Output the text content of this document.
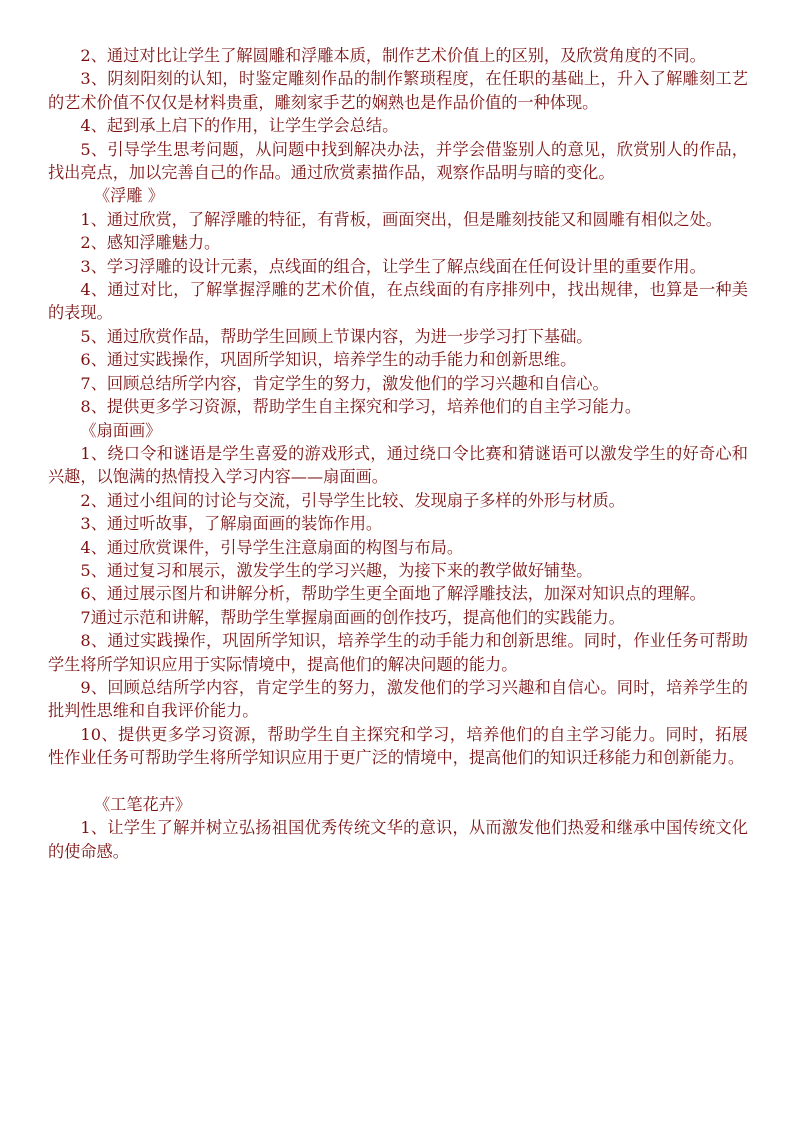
2、通过对比让学生了解圆雕和浮雕本质，制作艺术价值上的区别，及欣赏角度的不同。

3、阴刻阳刻的认知，时鉴定雕刻作品的制作繁琐程度，在任职的基础上，升入了解雕刻工艺的艺术价值不仅仅是材料贵重，雕刻家手艺的娴熟也是作品价值的一种体现。

4、起到承上启下的作用，让学生学会总结。

5、引导学生思考问题，从问题中找到解决办法，并学会借鉴别人的意见，欣赏别人的作品，找出亮点，加以完善自己的作品。通过欣赏素描作品，观察作品明与暗的变化。

《浮雕 》

1、通过欣赏，了解浮雕的特征，有背板，画面突出，但是雕刻技能又和圆雕有相似之处。

2、感知浮雕魅力。

3、学习浮雕的设计元素，点线面的组合，让学生了解点线面在任何设计里的重要作用。

4、通过对比，了解掌握浮雕的艺术价值，在点线面的有序排列中，找出规律，也算是一种美的表现。

5、通过欣赏作品，帮助学生回顾上节课内容，为进一步学习打下基础。

6、通过实践操作，巩固所学知识，培养学生的动手能力和创新思维。

7、回顾总结所学内容，肯定学生的努力，激发他们的学习兴趣和自信心。

8、提供更多学习资源，帮助学生自主探究和学习，培养他们的自主学习能力。

《扇面画》

1、绕口令和谜语是学生喜爱的游戏形式，通过绕口令比赛和猜谜语可以激发学生的好奇心和兴趣，以饱满的热情投入学习内容——扇面画。

2、通过小组间的讨论与交流，引导学生比较、发现扇子多样的外形与材质。

3、通过听故事，了解扇面画的装饰作用。

4、通过欣赏课件，引导学生注意扇面的构图与布局。

5、通过复习和展示，激发学生的学习兴趣，为接下来的教学做好铺垫。

6、通过展示图片和讲解分析，帮助学生更全面地了解浮雕技法，加深对知识点的理解。

7通过示范和讲解，帮助学生掌握扇面画的创作技巧，提高他们的实践能力。

8、通过实践操作，巩固所学知识，培养学生的动手能力和创新思维。同时，作业任务可帮助学生将所学知识应用于实际情境中，提高他们的解决问题的能力。

9、回顾总结所学内容，肯定学生的努力，激发他们的学习兴趣和自信心。同时，培养学生的批判性思维和自我评价能力。

10、提供更多学习资源，帮助学生自主探究和学习，培养他们的自主学习能力。同时，拓展性作业任务可帮助学生将所学知识应用于更广泛的情境中，提高他们的知识迁移能力和创新能力。

《工笔花卉》

1、让学生了解并树立弘扬祖国优秀传统文华的意识，从而激发他们热爱和继承中国传统文化的使命感。
